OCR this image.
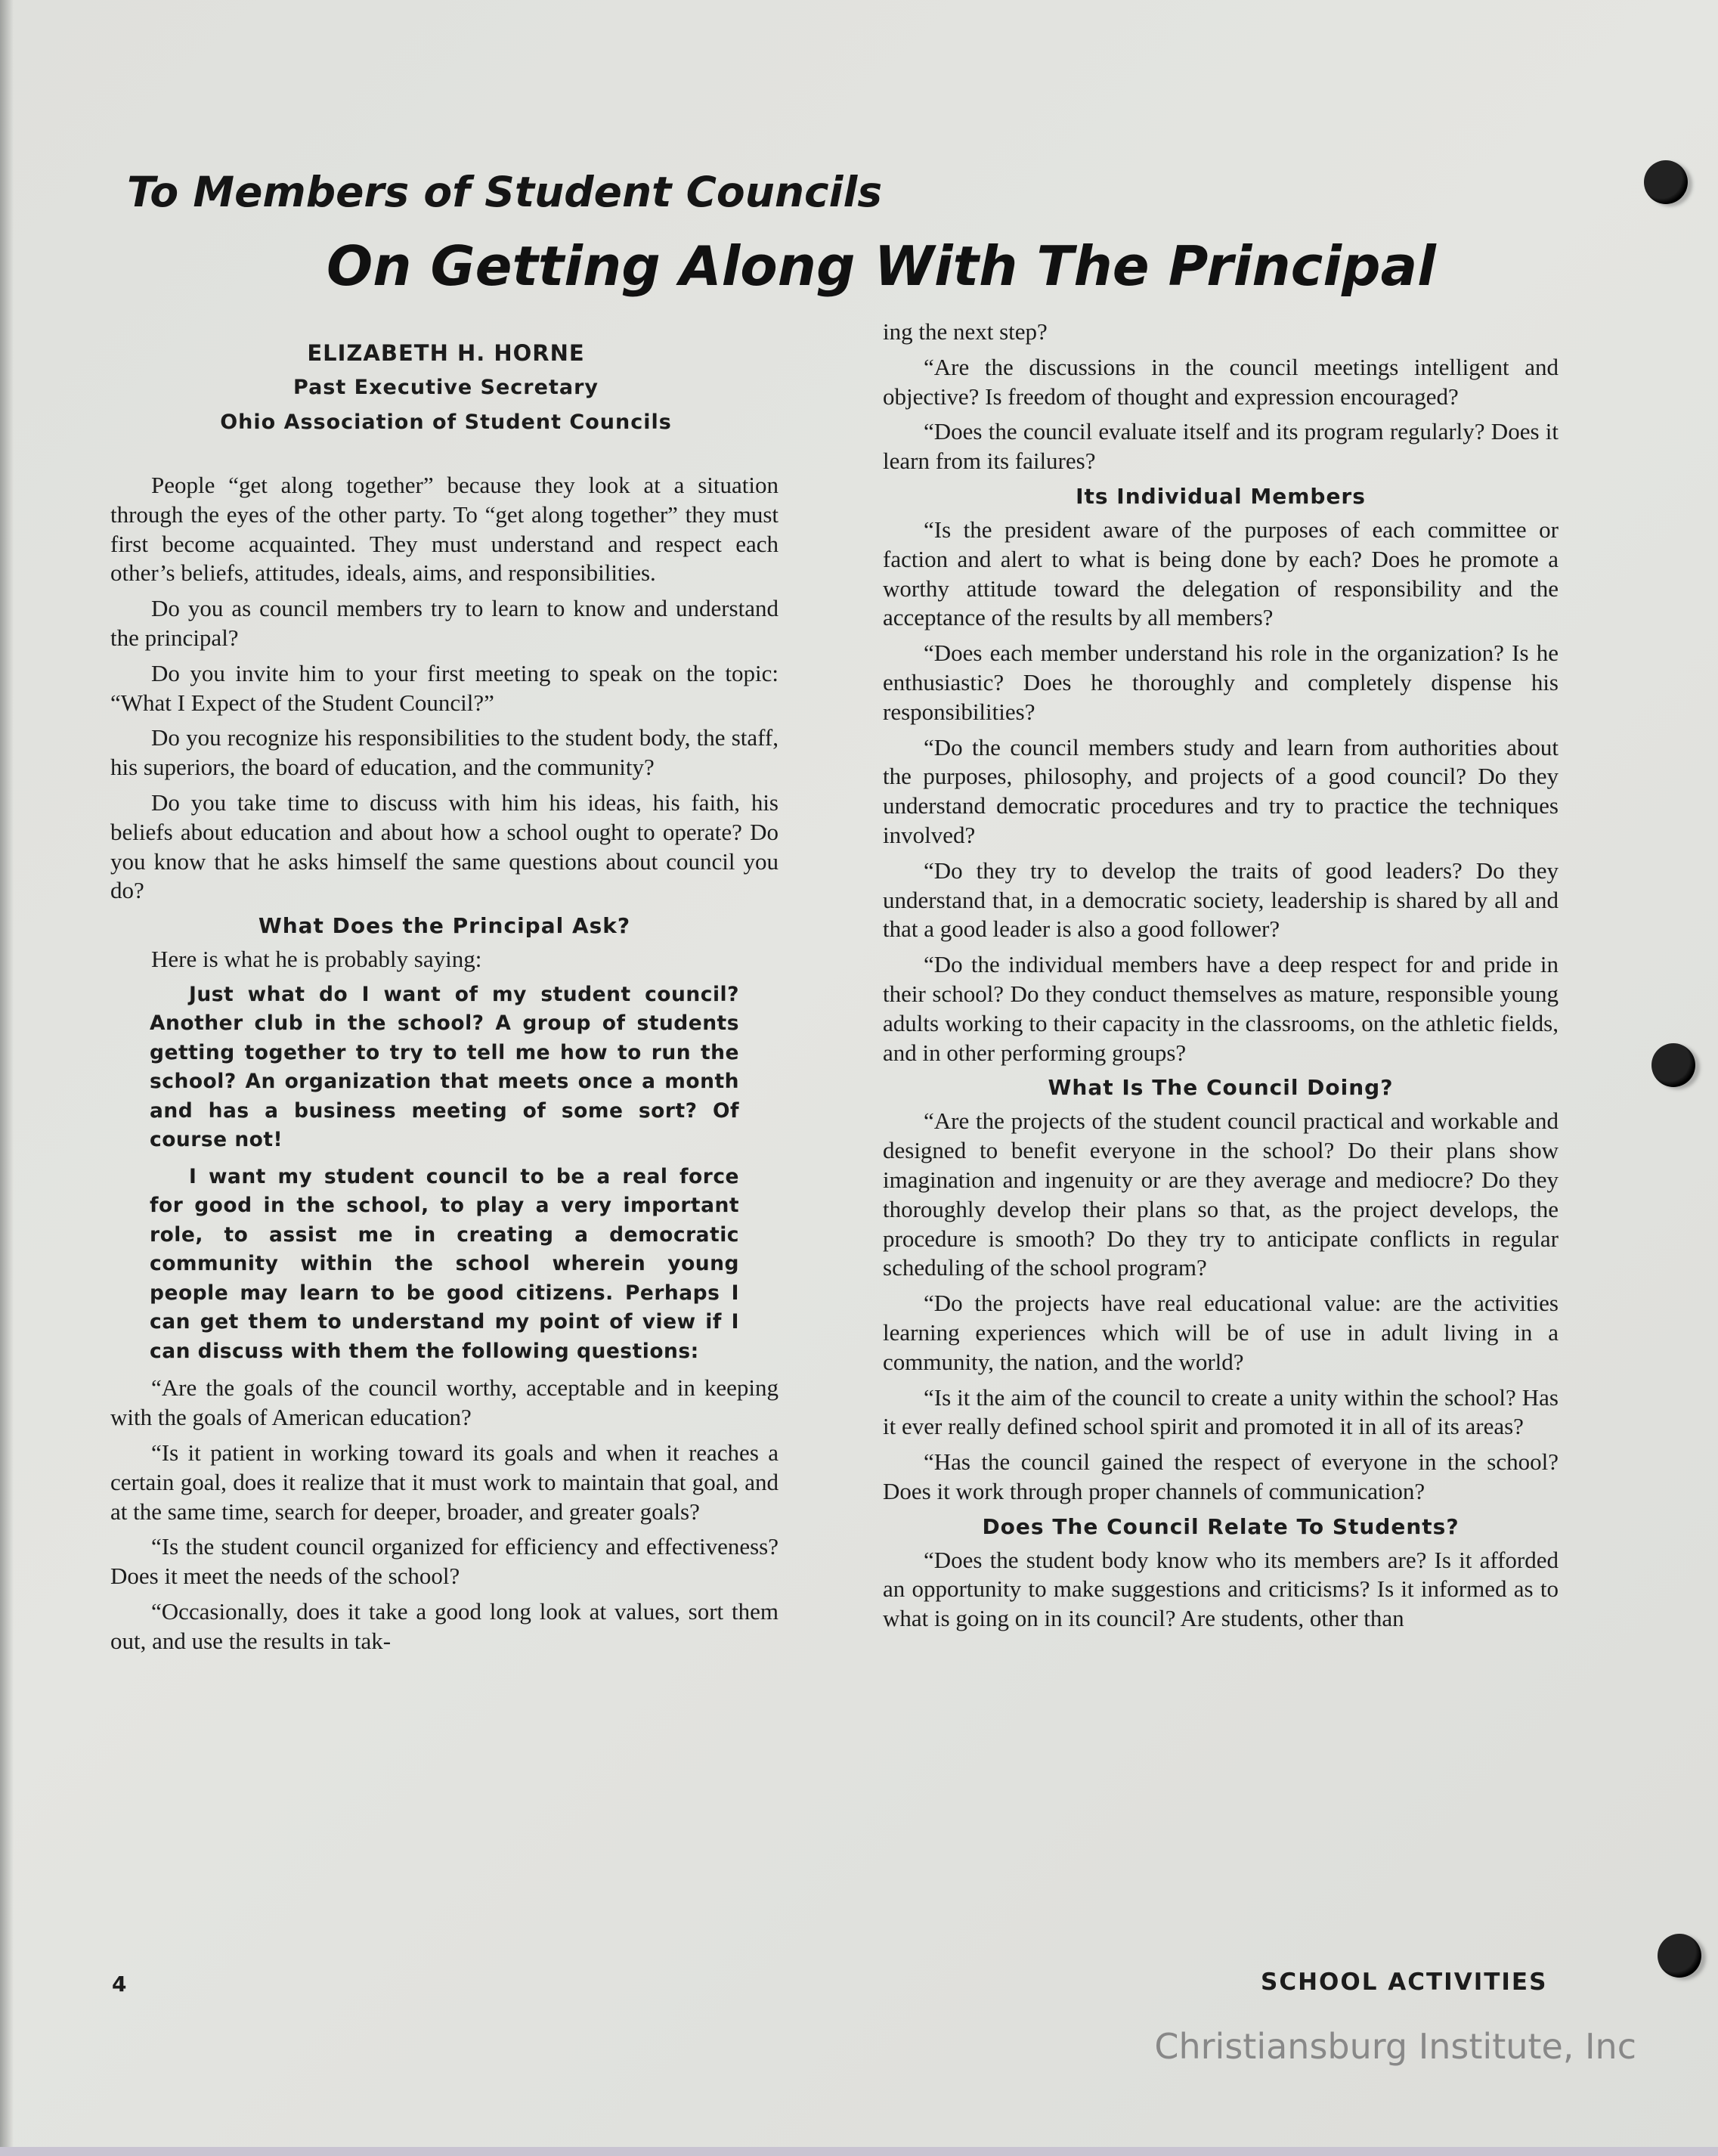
To Members of Student Councils
On Getting Along With The Principal
ELIZABETH H. HORNE
Past Executive Secretary
Ohio Association of Student Councils

People “get along together” because they look at a situation through the eyes of the other party. To “get along together” they must first become acquainted. They must understand and respect each other’s beliefs, attitudes, ideals, aims, and responsibilities.

Do you as council members try to learn to know and understand the principal?

Do you invite him to your first meeting to speak on the topic: “What I Expect of the Student Council?”

Do you recognize his responsibilities to the student body, the staff, his superiors, the board of education, and the community?

Do you take time to discuss with him his ideas, his faith, his beliefs about education and about how a school ought to operate? Do you know that he asks himself the same questions about council you do?

What Does the Principal Ask?

Here is what he is probably saying:

Just what do I want of my student council? Another club in the school? A group of students getting together to try to tell me how to run the school? An organization that meets once a month and has a business meeting of some sort? Of course not!

I want my student council to be a real force for good in the school, to play a very important role, to assist me in creating a democratic community within the school wherein young people may learn to be good citizens. Perhaps I can get them to understand my point of view if I can discuss with them the following questions:

“Are the goals of the council worthy, acceptable and in keeping with the goals of American education?

“Is it patient in working toward its goals and when it reaches a certain goal, does it realize that it must work to maintain that goal, and at the same time, search for deeper, broader, and greater goals?

“Is the student council organized for efficiency and effectiveness? Does it meet the needs of the school?

“Occasionally, does it take a good long look at values, sort them out, and use the results in tak-

ing the next step?

“Are the discussions in the council meetings intelligent and objective? Is freedom of thought and expression encouraged?

“Does the council evaluate itself and its program regularly? Does it learn from its failures?

Its Individual Members

“Is the president aware of the purposes of each committee or faction and alert to what is being done by each? Does he promote a worthy attitude toward the delegation of responsibility and the acceptance of the results by all members?

“Does each member understand his role in the organization? Is he enthusiastic? Does he thoroughly and completely dispense his responsibilities?

“Do the council members study and learn from authorities about the purposes, philosophy, and projects of a good council? Do they understand democratic procedures and try to practice the techniques involved?

“Do they try to develop the traits of good leaders? Do they understand that, in a democratic society, leadership is shared by all and that a good leader is also a good follower?

“Do the individual members have a deep respect for and pride in their school? Do they conduct themselves as mature, responsible young adults working to their capacity in the classrooms, on the athletic fields, and in other performing groups?

What Is The Council Doing?

“Are the projects of the student council practical and workable and designed to benefit everyone in the school? Do their plans show imagination and ingenuity or are they average and mediocre? Do they thoroughly develop their plans so that, as the project develops, the procedure is smooth? Do they try to anticipate conflicts in regular scheduling of the school program?

“Do the projects have real educational value: are the activities learning experiences which will be of use in adult living in a community, the nation, and the world?

“Is it the aim of the council to create a unity within the school? Has it ever really defined school spirit and promoted it in all of its areas?

“Has the council gained the respect of everyone in the school? Does it work through proper channels of communication?

Does The Council Relate To Students?

“Does the student body know who its members are? Is it afforded an opportunity to make suggestions and criticisms? Is it informed as to what is going on in its council? Are students, other than

4	SCHOOL ACTIVITIES
Christiansburg Institute, Inc
